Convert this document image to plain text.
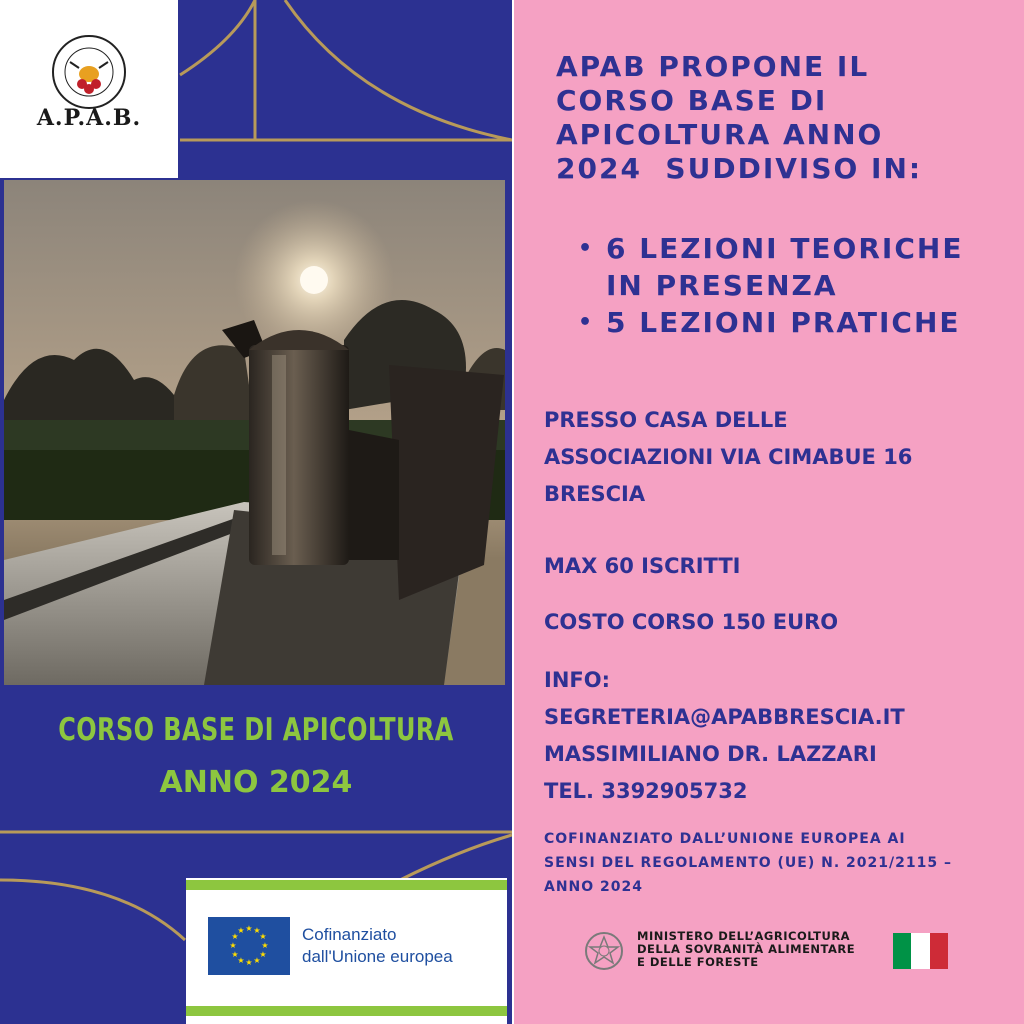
A.P.A.B.
CORSO BASE DI APICOLTURA
ANNO 2024
★ ★
★
★
★
★
★
★
★
★
★
★	Cofinanziato
dall'Unione europea
APAB PROPONE IL
CORSO BASE DI
APICOLTURA ANNO
2024  SUDDIVISO IN:
• 6 LEZIONI TEORICHE
IN PRESENZA
• 5 LEZIONI PRATICHE
PRESSO CASA DELLE
ASSOCIAZIONI VIA CIMABUE 16
BRESCIA
MAX 60 ISCRITTI
COSTO CORSO 150 EURO
INFO:
SEGRETERIA@APABBRESCIA.IT
MASSIMILIANO DR. LAZZARI
TEL. 3392905732
COFINANZIATO DALL’UNIONE EUROPEA AI
SENSI DEL REGOLAMENTO (UE) N. 2021/2115 –
ANNO 2024
MINISTERO DELL’AGRICOLTURA
DELLA SOVRANITÀ ALIMENTARE
E DELLE FORESTE
